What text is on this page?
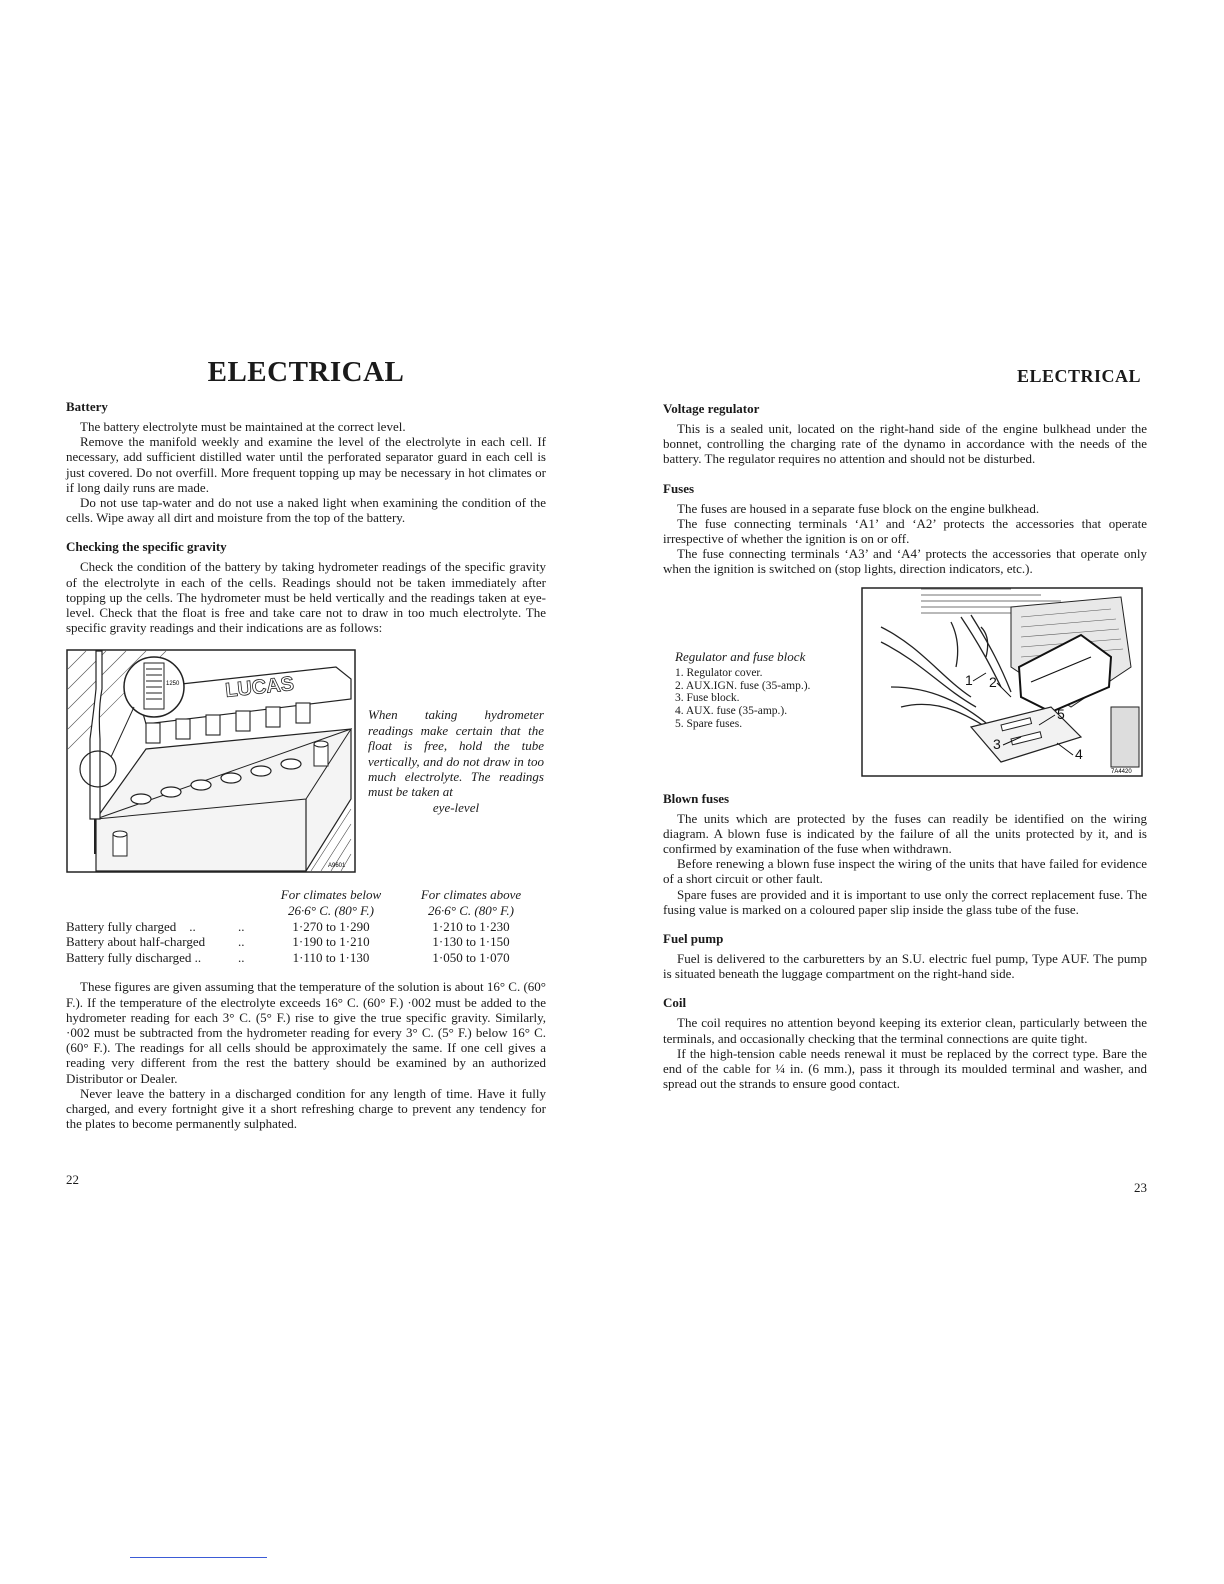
ELECTRICAL
Battery

The battery electrolyte must be maintained at the correct level.

Remove the manifold weekly and examine the level of the electrolyte in each cell. If necessary, add sufficient distilled water until the perforated separator guard in each cell is just covered. Do not overfill. More frequent topping up may be necessary in hot climates or if long daily runs are made.

Do not use tap-water and do not use a naked light when examining the condition of the cells. Wipe away all dirt and moisture from the top of the battery.

Checking the specific gravity

Check the condition of the battery by taking hydrometer readings of the specific gravity of the electrolyte in each of the cells. Readings should not be taken immediately after topping up the cells. The hydrometer must be held vertically and the readings taken at eye-level. Check that the float is free and take care not to draw in too much electrolyte. The specific gravity readings and their indications are as follows:

1250 LUCAS
A9601
When taking hydrometer readings make certain that the float is free, hold the tube vertically, and do not draw in too much electrolyte. The readings must be taken at
eye-level
		For climates below	For climates above
		26·6° C. (80° F.)	26·6° C. (80° F.)
Battery fully charged ..	..	1·270 to 1·290	1·210 to 1·230
Battery about half-charged	..	1·190 to 1·210	1·130 to 1·150
Battery fully discharged ..	..	1·110 to 1·130	1·050 to 1·070

These figures are given assuming that the temperature of the solution is about 16° C. (60° F.). If the temperature of the electrolyte exceeds 16° C. (60° F.) ·002 must be added to the hydrometer reading for each 3° C. (5° F.) rise to give the true specific gravity. Similarly, ·002 must be subtracted from the hydrometer reading for every 3° C. (5° F.) below 16° C. (60° F.). The readings for all cells should be approximately the same. If one cell gives a reading very different from the rest the battery should be examined by an authorized Distributor or Dealer.

Never leave the battery in a discharged condition for any length of time. Have it fully charged, and every fortnight give it a short refreshing charge to prevent any tendency for the plates to become permanently sulphated.

22
ELECTRICAL
Voltage regulator

This is a sealed unit, located on the right-hand side of the engine bulkhead under the bonnet, controlling the charging rate of the dynamo in accordance with the needs of the battery. The regulator requires no attention and should not be disturbed.

Fuses

The fuses are housed in a separate fuse block on the engine bulkhead.

The fuse connecting terminals ‘A1’ and ‘A2’ protects the accessories that operate irrespective of whether the ignition is on or off.

The fuse connecting terminals ‘A3’ and ‘A4’ protects the accessories that operate only when the ignition is switched on (stop lights, direction indicators, etc.).

Regulator and fuse block
1. Regulator cover.
2. AUX.IGN. fuse (35-amp.).
3. Fuse block.
4. AUX. fuse (35-amp.).
5. Spare fuses.
1 2
3
4
5
7A4420
Blown fuses

The units which are protected by the fuses can readily be identified on the wiring diagram. A blown fuse is indicated by the failure of all the units protected by it, and is confirmed by examination of the fuse when withdrawn.

Before renewing a blown fuse inspect the wiring of the units that have failed for evidence of a short circuit or other fault.

Spare fuses are provided and it is important to use only the correct replacement fuse. The fusing value is marked on a coloured paper slip inside the glass tube of the fuse.

Fuel pump

Fuel is delivered to the carburetters by an S.U. electric fuel pump, Type AUF. The pump is situated beneath the luggage compartment on the right-hand side.

Coil

The coil requires no attention beyond keeping its exterior clean, particularly between the terminals, and occasionally checking that the terminal connections are quite tight.

If the high-tension cable needs renewal it must be replaced by the correct type. Bare the end of the cable for ¼ in. (6 mm.), pass it through its moulded terminal and washer, and spread out the strands to ensure good contact.

23
